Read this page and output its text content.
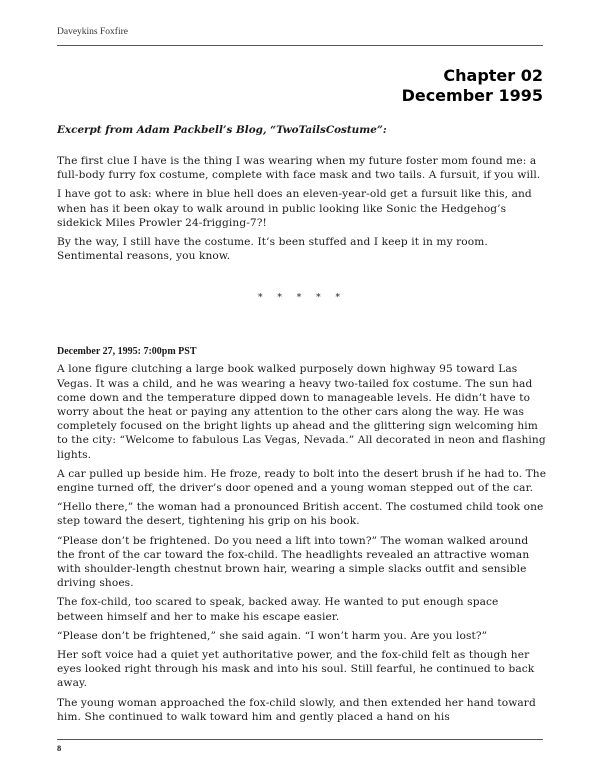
Daveykins Foxfire
Chapter 02
December 1995
Excerpt from Adam Packbell’s Blog, “TwoTailsCostume”:

The first clue I have is the thing I was wearing when my future foster mom found me: a full-body furry fox costume, complete with face mask and two tails. A fursuit, if you will.

I have got to ask: where in blue hell does an eleven-year-old get a fursuit like this, and when has it been okay to walk around in public looking like Sonic the Hedgehog’s sidekick Miles Prowler 24-frigging-7?!

By the way, I still have the costume. It’s been stuffed and I keep it in my room. Sentimental reasons, you know.

* * * * *
December 27, 1995: 7:00pm PST

A lone figure clutching a large book walked purposely down highway 95 toward Las Vegas. It was a child, and he was wearing a heavy two-tailed fox costume. The sun had come down and the temperature dipped down to manageable levels. He didn’t have to worry about the heat or paying any attention to the other cars along the way. He was completely focused on the bright lights up ahead and the glittering sign welcoming him to the city: “Welcome to fabulous Las Vegas, Nevada.” All decorated in neon and flashing lights.

A car pulled up beside him. He froze, ready to bolt into the desert brush if he had to. The engine turned off, the driver’s door opened and a young woman stepped out of the car.

“Hello there,” the woman had a pronounced British accent. The costumed child took one step toward the desert, tightening his grip on his book.

“Please don’t be frightened. Do you need a lift into town?” The woman walked around the front of the car toward the fox-child. The headlights revealed an attractive woman with shoulder-length chestnut brown hair, wearing a simple slacks outfit and sensible driving shoes.

The fox-child, too scared to speak, backed away. He wanted to put enough space between himself and her to make his escape easier.

“Please don’t be frightened,” she said again. “I won’t harm you. Are you lost?”

Her soft voice had a quiet yet authoritative power, and the fox-child felt as though her eyes looked right through his mask and into his soul. Still fearful, he continued to back away.

The young woman approached the fox-child slowly, and then extended her hand toward him. She continued to walk toward him and gently placed a hand on his

8
